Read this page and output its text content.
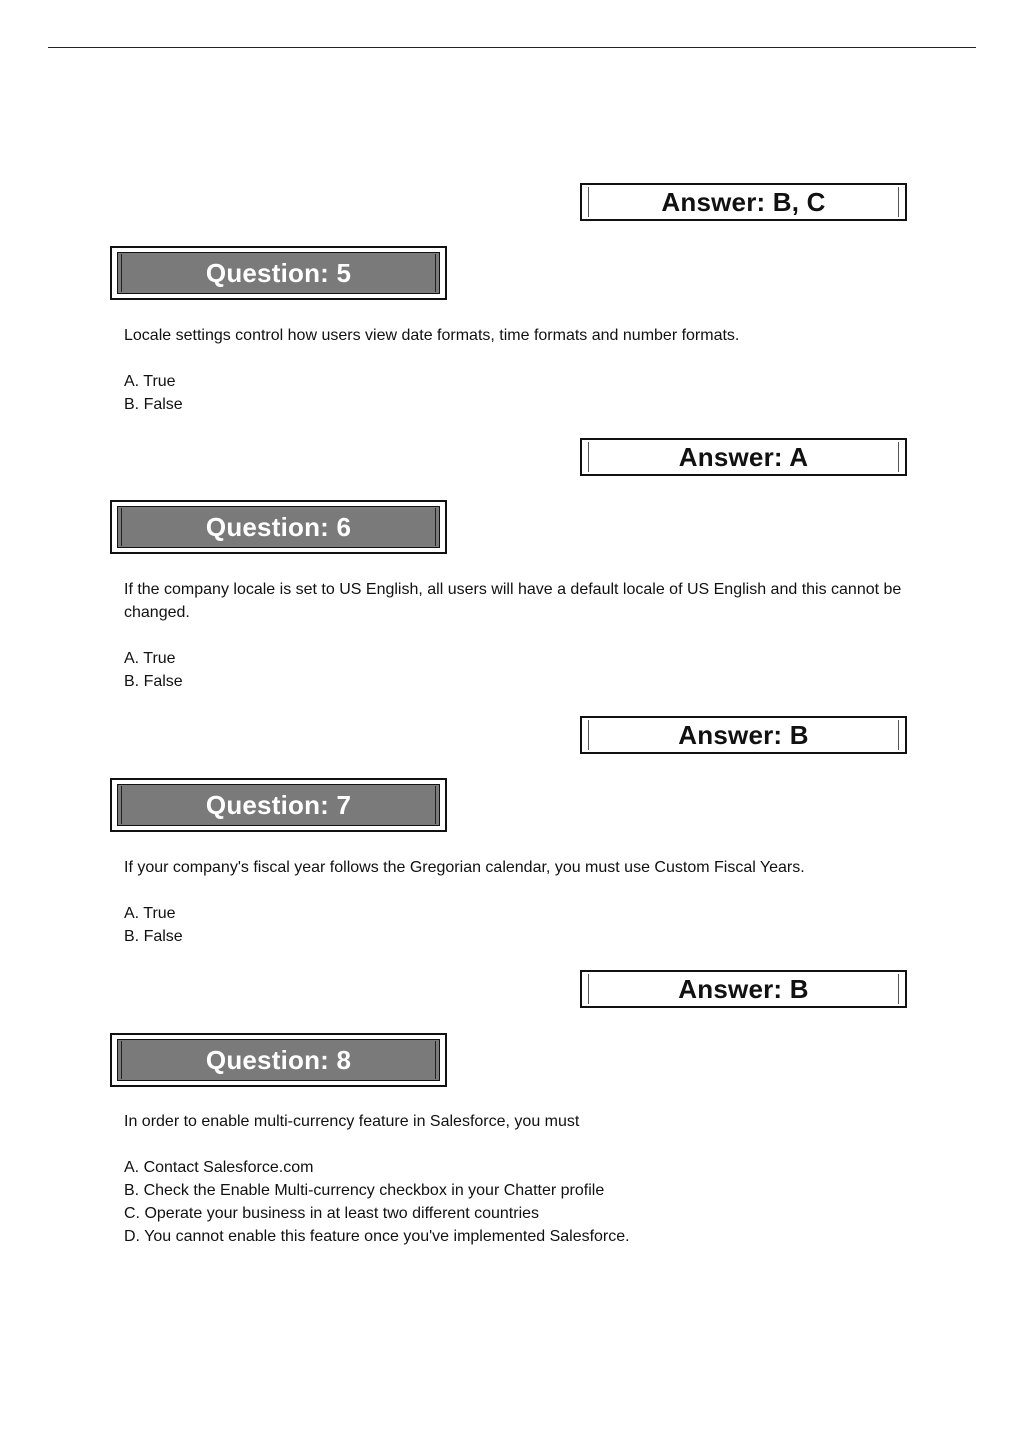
Answer: B, C
Question: 5

Locale settings control how users view date formats, time formats and number formats.

A. True
B. False
Answer: A
Question: 6

If the company locale is set to US English, all users will have a default locale of US English and this cannot be changed.

A. True
B. False
Answer: B
Question: 7

If your company's fiscal year follows the Gregorian calendar, you must use Custom Fiscal Years.

A. True
B. False
Answer: B
Question: 8

In order to enable multi-currency feature in Salesforce, you must

A. Contact Salesforce.com
B. Check the Enable Multi-currency checkbox in your Chatter profile
C. Operate your business in at least two different countries
D. You cannot enable this feature once you've implemented Salesforce.
